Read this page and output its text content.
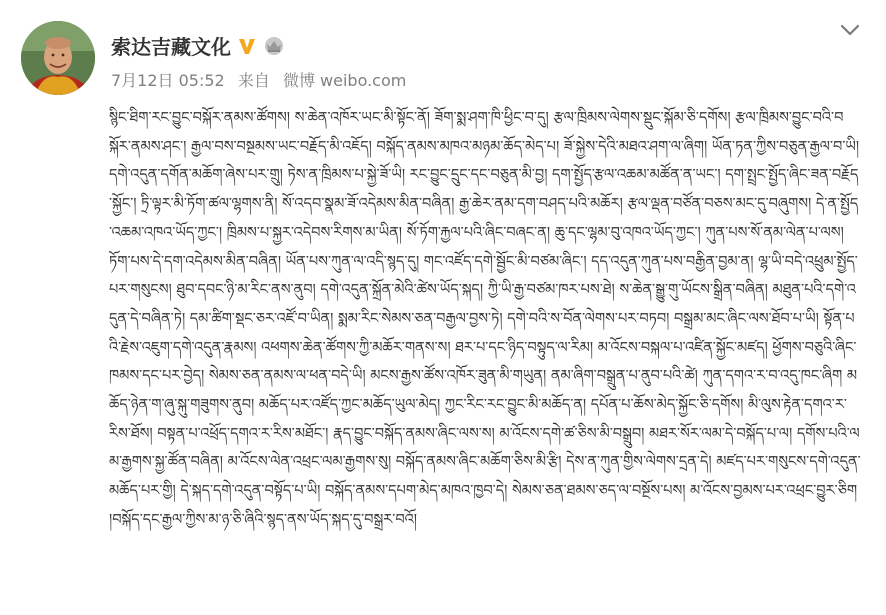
索达吉藏文化
7月12日 05:52 来自 微博 weibo.com

སྙིང་ཐིག་རང་བྱུང་བསྐོར་ནམས་ཚོགས། ས་ཆེན་འཁོར་ཡང་མི་སྟོང་ནོ། ཟོག་སྨ་ཤག་ཁི་ཕྱིང་བ་དུ། རྩལ་ཁྲིམས་ལེགས་སྡུང་སྐོམ་ཅི་དགོས། རྩལ་ཁྲིམས་བྱུང་བའི་བསྐོར་ནམས་ཤང་། རྒྱལ་བས་བསྔམས་ཡང་བརྗོད་མི་འཇོད། བསྐོད་ནམས་མཁའ་མཉམ་ཆོད་མེད་པ། ཟོ་སྐྱེས་དེའི་མཐའ་ཤག་ལ་ཞིག། ཡོན་ཏན་ཀྱིས་བཅུན་རྒྱལ་བ་ཡི། དགེ་འདུན་དགོན་མཆོག་ཞེས་པར་གྲུ། ཏེས་ན་ཁྲིམས་པ་སྐྱེ་ཟོ་ཡི། རང་བྱུང་དྲུང་དང་བཅུན་མི་བྱ། དག་སྤྱོད་རྩལ་འཆམ་མཚོན་ན་ཡང་། དག་སྤྲང་སྤྱོད་ཞིང་ཟན་བརྗོད་སྐྱོང་། ཏྲི་ལྟར་མི་ཏོག་ཚལ་ལྷགས་ནི། སོ་འདབ་སྣམ་ཟོ་འདེམས་མིན་བཞིན། རྒྱ་ཆེར་ནམ་དག་བཤད་པའི་མཆོར། རྩལ་ལྡན་བཙོན་བཅས་མང་དུ་བཞུགས། དེ་ན་སྤྱོད་འཆམ་འཁའ་ཡོད་ཀྱང་། ཁྲིམས་པ་སྐྱར་འདེབས་རིགས་མ་ཡིན། སོ་ཏོག་རྐྱལ་པའི་ཞིང་བཞང་ན། ཆུ་དང་ལྷམ་བུ་འཁའ་ཡོད་ཀྱང་། ཀུན་པས་སོ་ནམ་ལེན་པ་ལས། ཏོག་པས་དེ་དག་འདེམས་མིན་བཞིན། ཡོན་པས་ཀུན་ལ་འདི་སྙད་དུ། གང་འཛོད་དགེ་སྦྱོང་མི་བཙམ་ཞིང་། དད་འདུན་ཀུན་པས་བརྒྱིན་བྱམ་ན། ལྷ་ཡི་བདེ་འཕྲུམ་སྤྱོད་པར་གསུངས། ཐུབ་དབང་ཉི་མ་རིང་ནས་ནུབ། དགེ་འདུན་སྐྲོན་མེའི་ཚེས་ཡོད་སྐད། ཀྱི་ཡི་རྒྱ་བཙམ་ཁར་པས་ཐེ། ས་ཆེན་སྒྱུ་གུ་ཡོངས་སྒྲིན་བཞིན། མཐུན་པའི་དགེ་འདུན་དེ་བཞིན་ཏེ། དམ་ཚིག་སྡང་ཅར་འཛོ་བ་ཡིན། སྨམ་རིང་སེམས་ཅན་བརྒྱལ་བྱས་ཏེ། དགེ་བའི་ས་བོན་ལེགས་པར་བཏབ། བསྒྲམ་མང་ཞིང་ལས་ཐོབ་པ་ཡི། སྟོན་པའི་རྗེས་འཇུག་དགེ་འདུན་རྣམས། འཕགས་ཆེན་ཚོགས་ཀྱི་མཆོར་གནས་ས། ཐར་པ་དང་ཉིད་བསྟུད་ལ་རིམ། མ་འོངས་བསྐལ་པ་འཛིན་སྐྱོང་མཛད། ཕྱོགས་བཅུའི་ཞིང་ཁམས་དང་པར་བྱེད། སེམས་ཅན་ནམས་ལ་ཕན་བདེ་ཡི། མངས་རྒྱས་ཚོས་འཁོར་ཟུན་མི་གཡུན། ནམ་ཞིག་བསྒྲུན་པ་ནུབ་པའི་ཚེ། ཀུན་དགའ་ར་བ་འདུ་ཁང་ཞིག མཆོད་ཉེན་ག་ཞུ་སྐུ་གཟུགས་ནུབ། མཆོད་པར་འཛོད་ཀྱང་མཆོད་ཡུལ་མེད། ཀྱང་རིང་རང་བྱུང་མི་མཆོད་ན། དཔོན་པ་ཆོས་མེད་སྐྱོང་ཅི་དགོས། མི་ལུས་རྟེན་དགའ་ར་རིས་ཐོས། བསྟན་པ་འཕྲོད་དགའ་ར་རིས་མཐོང་། རྣད་བྱུང་བསྐོད་ནམས་ཞིང་ལས་ས། མ་འོངས་དགེ་ཚ་ཅིས་མི་བསྒྲུབ། མཐར་སོར་ལམ་དེ་བསྐོད་པ་ལ། དགོས་པའི་ལམ་རྒྱགས་སྐྱ་ཚོན་བཞིན། མ་འོངས་ལེན་འཕྲང་ལམ་རྒྱགས་སུ། བསྐོད་ནམས་ཞིང་མཆོག་ཅིས་མི་རྩི། དེས་ན་ཀུན་གྱིས་ལེགས་དྲན་དེ། མཛད་པར་གསུངས་དགེ་འདུན་མཆོད་པར་གྱི། དེ་སྐད་དགེ་འདུན་བསྟོད་པ་ཡི། བསྐོད་ནམས་དཔག་མེད་མཁའ་ཁྱབ་དེ། སེམས་ཅན་ཐམས་ཅད་ལ་བསྔོས་པས། མ་འོངས་བྱམས་པར་འཕྲང་བྱུར་ཅིག །བསྐོད་དང་རྒྱལ་ཀྱིས་མ་ཉ་ཅི་ཞིའི་སྙད་ནས་ཡོད་སྐད་དུ་བསྒྲར་བའོ།
